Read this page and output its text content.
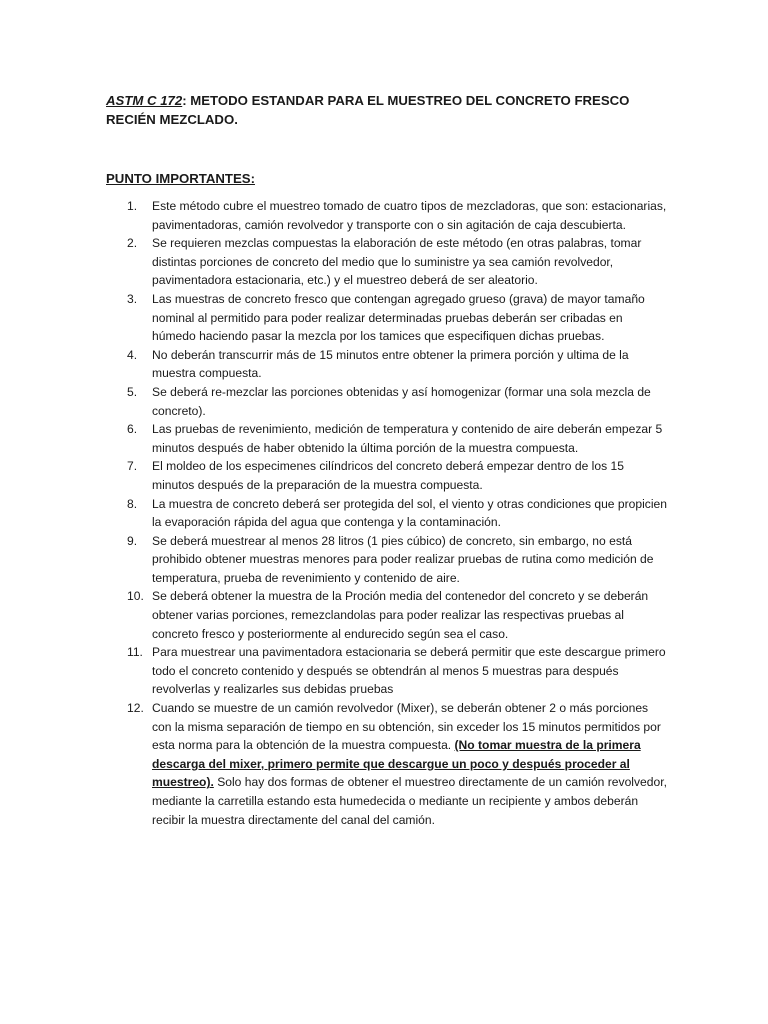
ASTM C 172: METODO ESTANDAR PARA EL MUESTREO DEL CONCRETO FRESCO RECIÉN MEZCLADO.

PUNTO IMPORTANTES:

1. Este método cubre el muestreo tomado de cuatro tipos de mezcladoras, que son: estacionarias, pavimentadoras, camión revolvedor y transporte con o sin agitación de caja descubierta.
2. Se requieren mezclas compuestas la elaboración de este método (en otras palabras, tomar distintas porciones de concreto del medio que lo suministre ya sea camión revolvedor, pavimentadora estacionaria, etc.) y el muestreo deberá de ser aleatorio.
3. Las muestras de concreto fresco que contengan agregado grueso (grava) de mayor tamaño nominal al permitido para poder realizar determinadas pruebas deberán ser cribadas en húmedo haciendo pasar la mezcla por los tamices que especifiquen dichas pruebas.
4. No deberán transcurrir más de 15 minutos entre obtener la primera porción y ultima de la muestra compuesta.
5. Se deberá re-mezclar las porciones obtenidas y así homogenizar (formar una sola mezcla de concreto).
6. Las pruebas de revenimiento, medición de temperatura y contenido de aire deberán empezar 5 minutos después de haber obtenido la última porción de la muestra compuesta.
7. El moldeo de los especimenes cilíndricos del concreto deberá empezar dentro de los 15 minutos después de la preparación de la muestra compuesta.
8. La muestra de concreto deberá ser protegida del sol, el viento y otras condiciones que propicien la evaporación rápida del agua que contenga y la contaminación.
9. Se deberá muestrear al menos 28 litros (1 pies cúbico) de concreto, sin embargo, no está prohibido obtener muestras menores para poder realizar pruebas de rutina como medición de temperatura, prueba de revenimiento y contenido de aire.
10. Se deberá obtener la muestra de la Proción media del contenedor del concreto y se deberán obtener varias porciones, remezclandolas para poder realizar las respectivas pruebas al concreto fresco y posteriormente al endurecido según sea el caso.
11. Para muestrear una pavimentadora estacionaria se deberá permitir que este descargue primero todo el concreto contenido y después se obtendrán al menos 5 muestras para después revolverlas y realizarles sus debidas pruebas
12. Cuando se muestre de un camión revolvedor (Mixer), se deberán obtener 2 o más porciones con la misma separación de tiempo en su obtención, sin exceder los 15 minutos permitidos por esta norma para la obtención de la muestra compuesta. (No tomar muestra de la primera descarga del mixer, primero permite que descargue un poco y después proceder al muestreo). Solo hay dos formas de obtener el muestreo directamente de un camión revolvedor, mediante la carretilla estando esta humedecida o mediante un recipiente y ambos deberán recibir la muestra directamente del canal del camión.
